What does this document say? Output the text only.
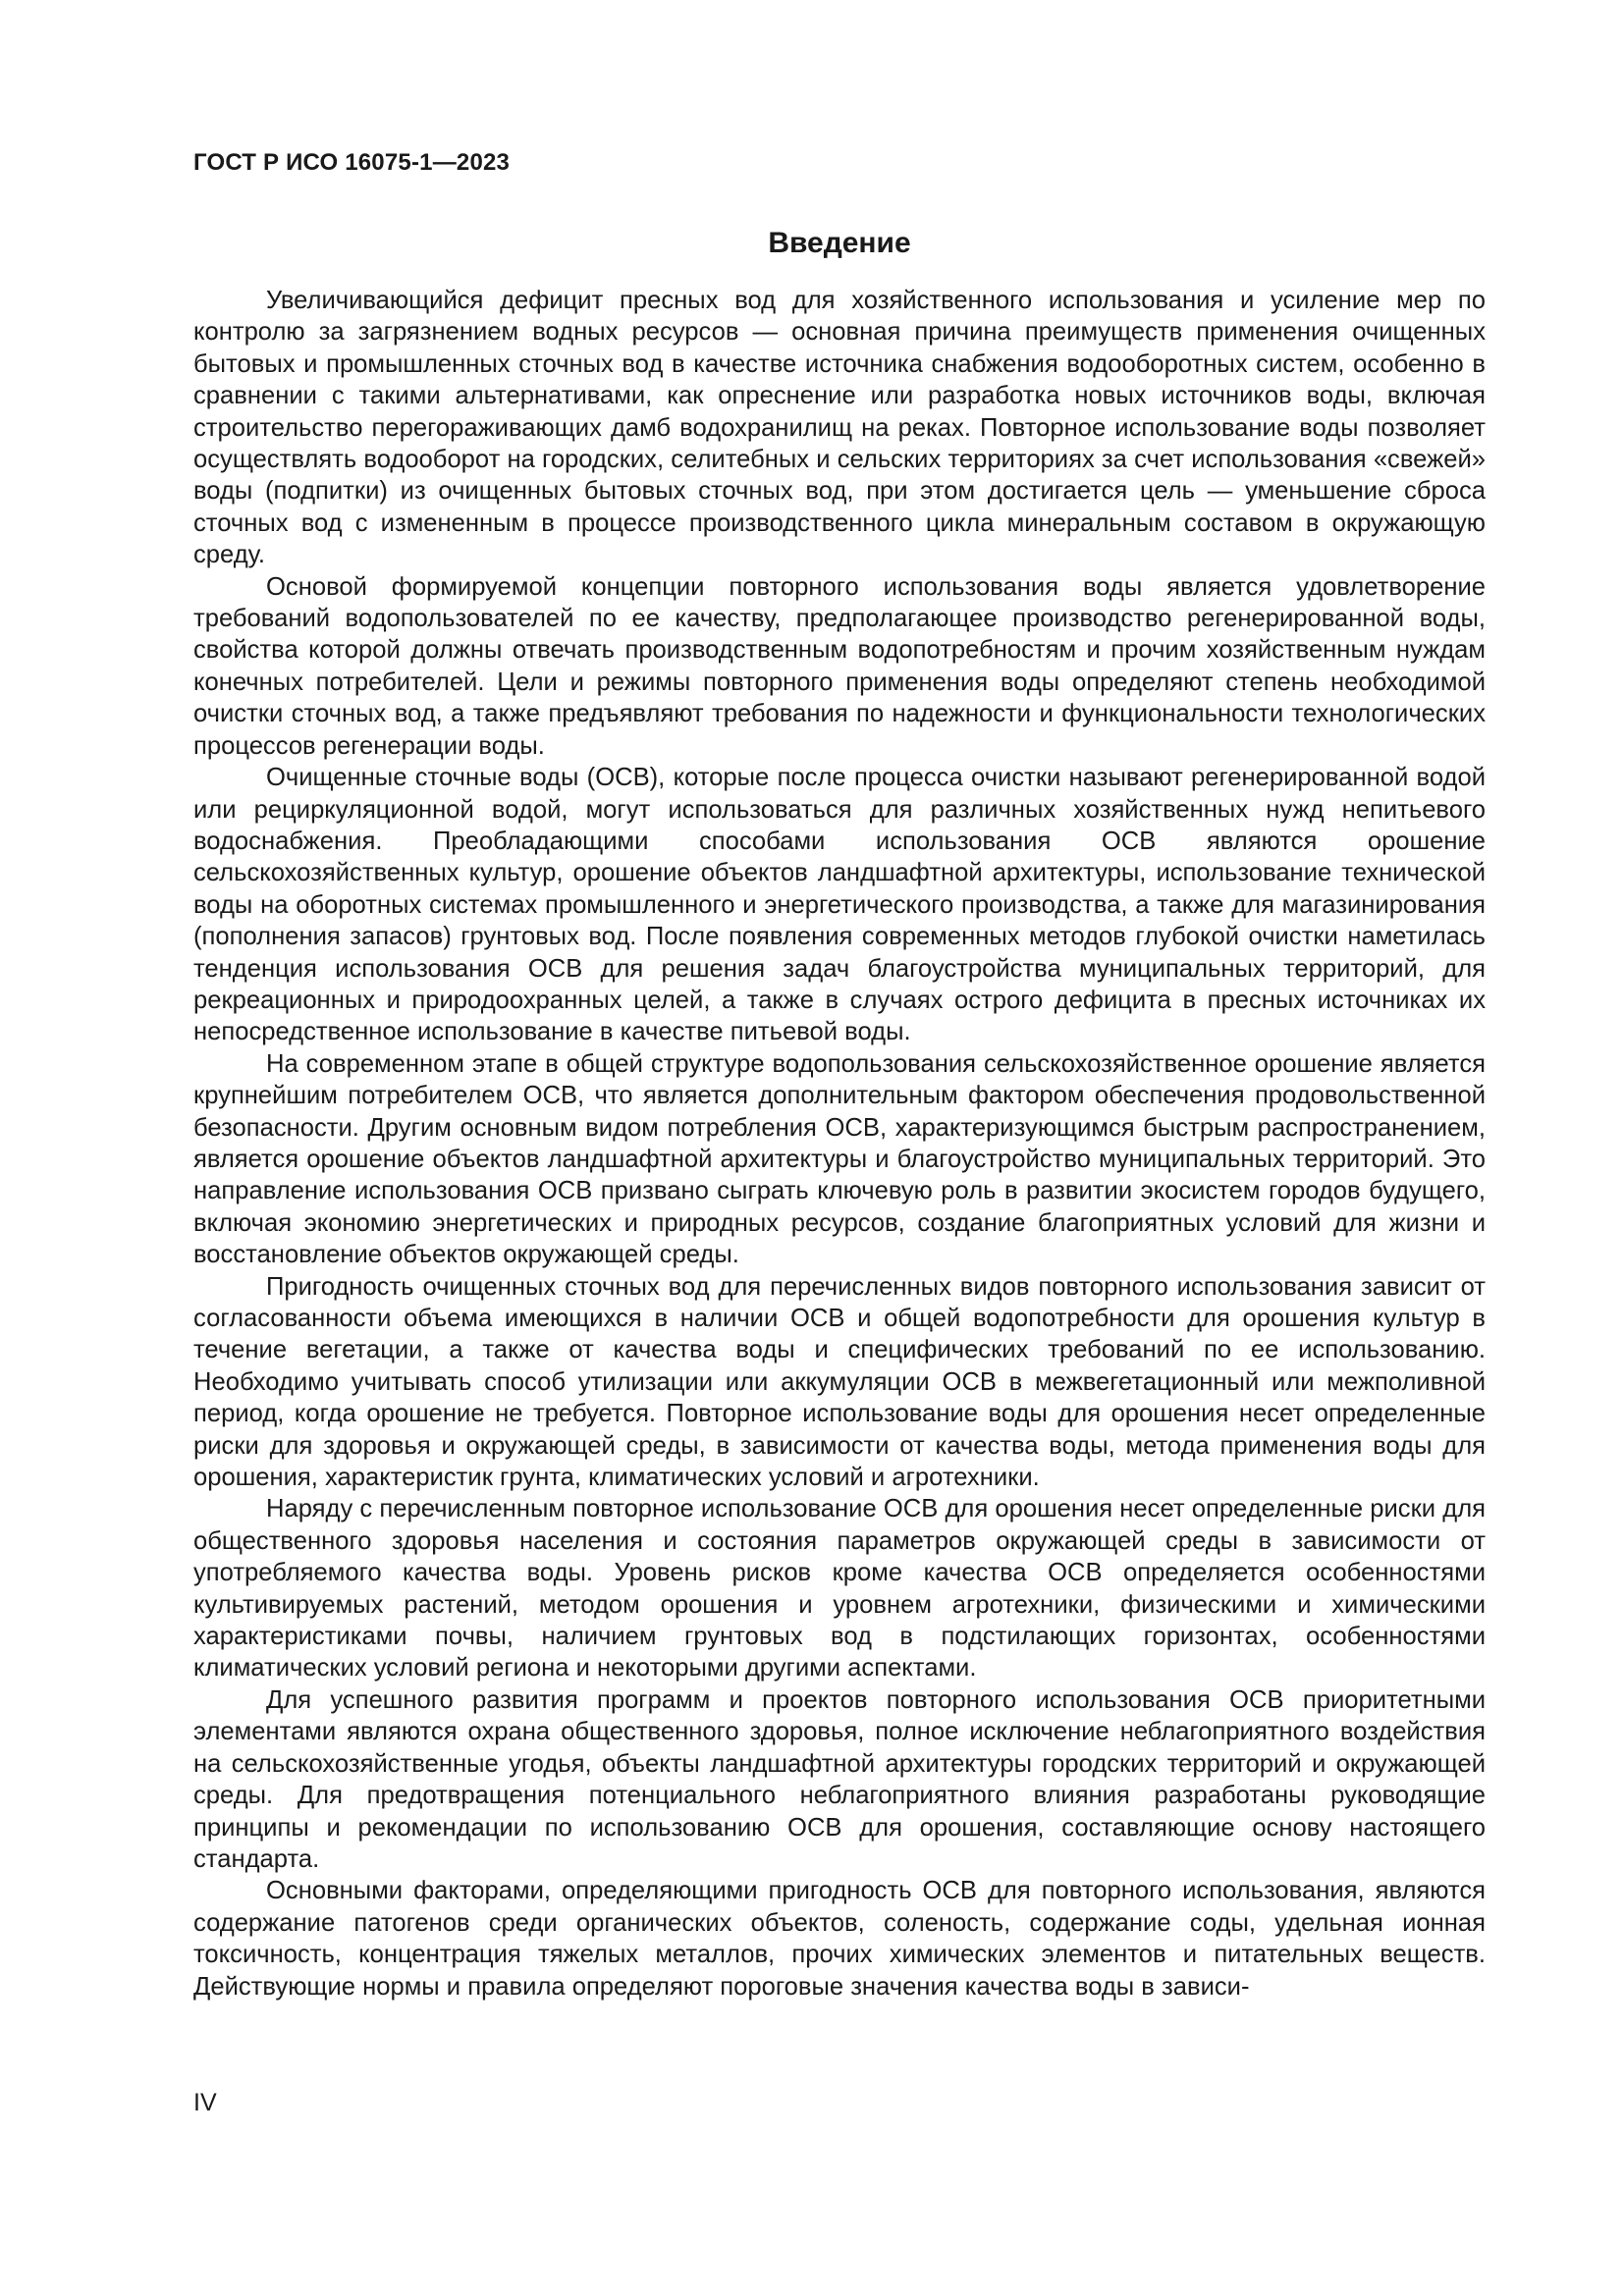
ГОСТ Р ИСО 16075-1—2023
Введение

Увеличивающийся дефицит пресных вод для хозяйственного использования и усиление мер по контролю за загрязнением водных ресурсов — основная причина преимуществ применения очищенных бытовых и промышленных сточных вод в качестве источника снабжения водооборотных систем, особенно в сравнении с такими альтернативами, как опреснение или разработка новых источников воды, включая строительство перегораживающих дамб водохранилищ на реках. Повторное использование воды позволяет осуществлять водооборот на городских, селитебных и сельских территориях за счет использования «свежей» воды (подпитки) из очищенных бытовых сточных вод, при этом достигается цель — уменьшение сброса сточных вод с измененным в процессе производственного цикла минеральным составом в окружающую среду.

Основой формируемой концепции повторного использования воды является удовлетворение требований водопользователей по ее качеству, предполагающее производство регенерированной воды, свойства которой должны отвечать производственным водопотребностям и прочим хозяйственным нуждам конечных потребителей. Цели и режимы повторного применения воды определяют степень необходимой очистки сточных вод, а также предъявляют требования по надежности и функциональности технологических процессов регенерации воды.

Очищенные сточные воды (ОСВ), которые после процесса очистки называют регенерированной водой или рециркуляционной водой, могут использоваться для различных хозяйственных нужд непитьевого водоснабжения. Преобладающими способами использования ОСВ являются орошение сельскохозяйственных культур, орошение объектов ландшафтной архитектуры, использование технической воды на оборотных системах промышленного и энергетического производства, а также для магазинирования (пополнения запасов) грунтовых вод. После появления современных методов глубокой очистки наметилась тенденция использования ОСВ для решения задач благоустройства муниципальных территорий, для рекреационных и природоохранных целей, а также в случаях острого дефицита в пресных источниках их непосредственное использование в качестве питьевой воды.

На современном этапе в общей структуре водопользования сельскохозяйственное орошение является крупнейшим потребителем ОСВ, что является дополнительным фактором обеспечения продовольственной безопасности. Другим основным видом потребления ОСВ, характеризующимся быстрым распространением, является орошение объектов ландшафтной архитектуры и благоустройство муниципальных территорий. Это направление использования ОСВ призвано сыграть ключевую роль в развитии экосистем городов будущего, включая экономию энергетических и природных ресурсов, создание благоприятных условий для жизни и восстановление объектов окружающей среды.

Пригодность очищенных сточных вод для перечисленных видов повторного использования зависит от согласованности объема имеющихся в наличии ОСВ и общей водопотребности для орошения культур в течение вегетации, а также от качества воды и специфических требований по ее использованию. Необходимо учитывать способ утилизации или аккумуляции ОСВ в межвегетационный или межполивной период, когда орошение не требуется. Повторное использование воды для орошения несет определенные риски для здоровья и окружающей среды, в зависимости от качества воды, метода применения воды для орошения, характеристик грунта, климатических условий и агротехники.

Наряду с перечисленным повторное использование ОСВ для орошения несет определенные риски для общественного здоровья населения и состояния параметров окружающей среды в зависимости от употребляемого качества воды. Уровень рисков кроме качества ОСВ определяется особенностями культивируемых растений, методом орошения и уровнем агротехники, физическими и химическими характеристиками почвы, наличием грунтовых вод в подстилающих горизонтах, особенностями климатических условий региона и некоторыми другими аспектами.

Для успешного развития программ и проектов повторного использования ОСВ приоритетными элементами являются охрана общественного здоровья, полное исключение неблагоприятного воздействия на сельскохозяйственные угодья, объекты ландшафтной архитектуры городских территорий и окружающей среды. Для предотвращения потенциального неблагоприятного влияния разработаны руководящие принципы и рекомендации по использованию ОСВ для орошения, составляющие основу настоящего стандарта.

Основными факторами, определяющими пригодность ОСВ для повторного использования, являются содержание патогенов среди органических объектов, соленость, содержание соды, удельная ионная токсичность, концентрация тяжелых металлов, прочих химических элементов и питательных веществ. Действующие нормы и правила определяют пороговые значения качества воды в зависи-

IV
